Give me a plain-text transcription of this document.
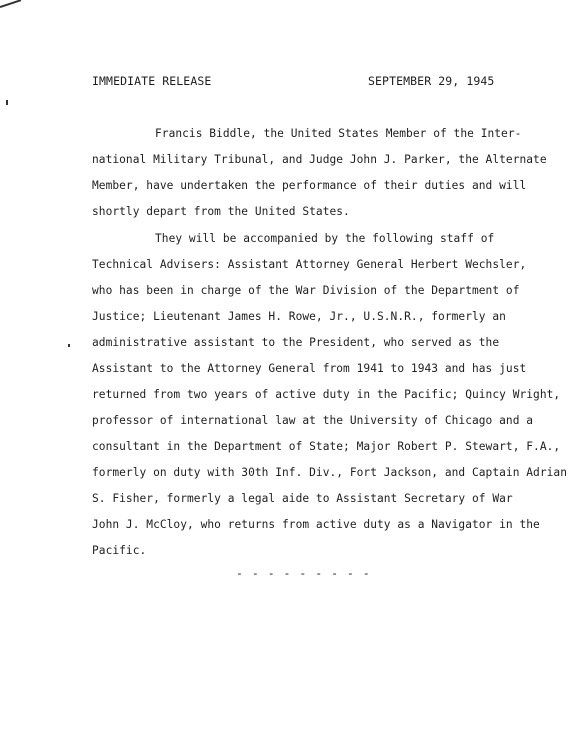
IMMEDIATE RELEASE	SEPTEMBER 29, 1945
Francis Biddle, the United States Member of the Inter-
national Military Tribunal, and Judge John J. Parker, the Alternate
Member, have undertaken the performance of their duties and will
shortly depart from the United States.
They will be accompanied by the following staff of
Technical Advisers: Assistant Attorney General Herbert Wechsler,
who has been in charge of the War Division of the Department of
Justice; Lieutenant James H. Rowe, Jr., U.S.N.R., formerly an
administrative assistant to the President, who served as the
Assistant to the Attorney General from 1941 to 1943 and has just
returned from two years of active duty in the Pacific; Quincy Wright,
professor of international law at the University of Chicago and a
consultant in the Department of State; Major Robert P. Stewart, F.A.,
formerly on duty with 30th Inf. Div., Fort Jackson, and Captain Adrian
S. Fisher, formerly a legal aide to Assistant Secretary of War
John J. McCloy, who returns from active duty as a Navigator in the
Pacific.
- - - - - - - - -
